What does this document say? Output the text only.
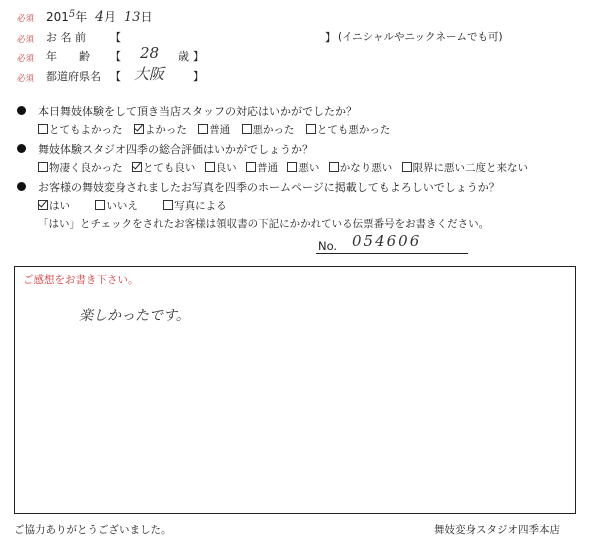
必須 $201^5$年 4月 13日
必須 お 名 前 【	】 (イニシャルやニックネームでも可)
必須 年　　齢 【 28 歳 】
必須 都道府県名 【 大阪	】
本日舞妓体験をして頂き当店スタッフの対応はいかがでしたか？
とてもよかった よかった 普通 悪かった とても悪かった
舞妓体験スタジオ四季の総合評価はいかがでしょうか？
物凄く良かった とても良い 良い 普通 悪い かなり悪い 限界に悪い二度と来ない
お客様の舞妓変身されましたお写真を四季のホームページに掲載してもよろしいでしょうか？
はい	いいえ	写真による
「はい」とチェックをされたお客様は領収書の下記にかかれている伝票番号をお書きください。
No. 054606
ご感想をお書き下さい。
楽しかったです。
ご協力ありがとうございました。	舞妓変身スタジオ四季本店
